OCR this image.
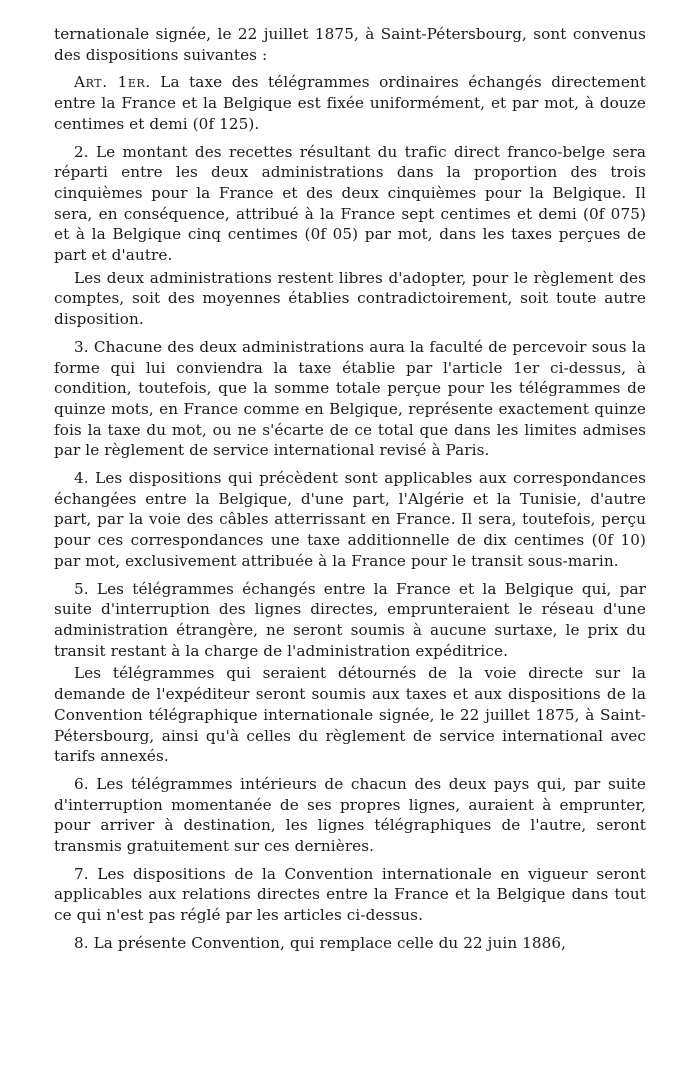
ternationale signée, le 22 juillet 1875, à Saint-Pétersbourg, sont convenus des dispositions suivantes :

Art. 1er. La taxe des télégrammes ordinaires échangés directement entre la France et la Belgique est fixée uniformément, et par mot, à douze centimes et demi (0f 125).

2. Le montant des recettes résultant du trafic direct franco-belge sera réparti entre les deux administrations dans la proportion des trois cinquièmes pour la France et des deux cinquièmes pour la Belgique. Il sera, en conséquence, attribué à la France sept centimes et demi (0f 075) et à la Belgique cinq centimes (0f 05) par mot, dans les taxes perçues de part et d'autre.

Les deux administrations restent libres d'adopter, pour le règlement des comptes, soit des moyennes établies contradictoirement, soit toute autre disposition.

3. Chacune des deux administrations aura la faculté de percevoir sous la forme qui lui conviendra la taxe établie par l'article 1er ci-dessus, à condition, toutefois, que la somme totale perçue pour les télégrammes de quinze mots, en France comme en Belgique, représente exactement quinze fois la taxe du mot, ou ne s'écarte de ce total que dans les limites admises par le règlement de service international revisé à Paris.

4. Les dispositions qui précèdent sont applicables aux correspondances échangées entre la Belgique, d'une part, l'Algérie et la Tunisie, d'autre part, par la voie des câbles atterrissant en France. Il sera, toutefois, perçu pour ces correspondances une taxe additionnelle de dix centimes (0f 10) par mot, exclusivement attribuée à la France pour le transit sous-marin.

5. Les télégrammes échangés entre la France et la Belgique qui, par suite d'interruption des lignes directes, emprunteraient le réseau d'une administration étrangère, ne seront soumis à aucune surtaxe, le prix du transit restant à la charge de l'administration expéditrice.

Les télégrammes qui seraient détournés de la voie directe sur la demande de l'expéditeur seront soumis aux taxes et aux dispositions de la Convention télégraphique internationale signée, le 22 juillet 1875, à Saint-Pétersbourg, ainsi qu'à celles du règlement de service international avec tarifs annexés.

6. Les télégrammes intérieurs de chacun des deux pays qui, par suite d'interruption momentanée de ses propres lignes, auraient à emprunter, pour arriver à destination, les lignes télégraphiques de l'autre, seront transmis gratuitement sur ces dernières.

7. Les dispositions de la Convention internationale en vigueur seront applicables aux relations directes entre la France et la Belgique dans tout ce qui n'est pas réglé par les articles ci-dessus.

8. La présente Convention, qui remplace celle du 22 juin 1886,
